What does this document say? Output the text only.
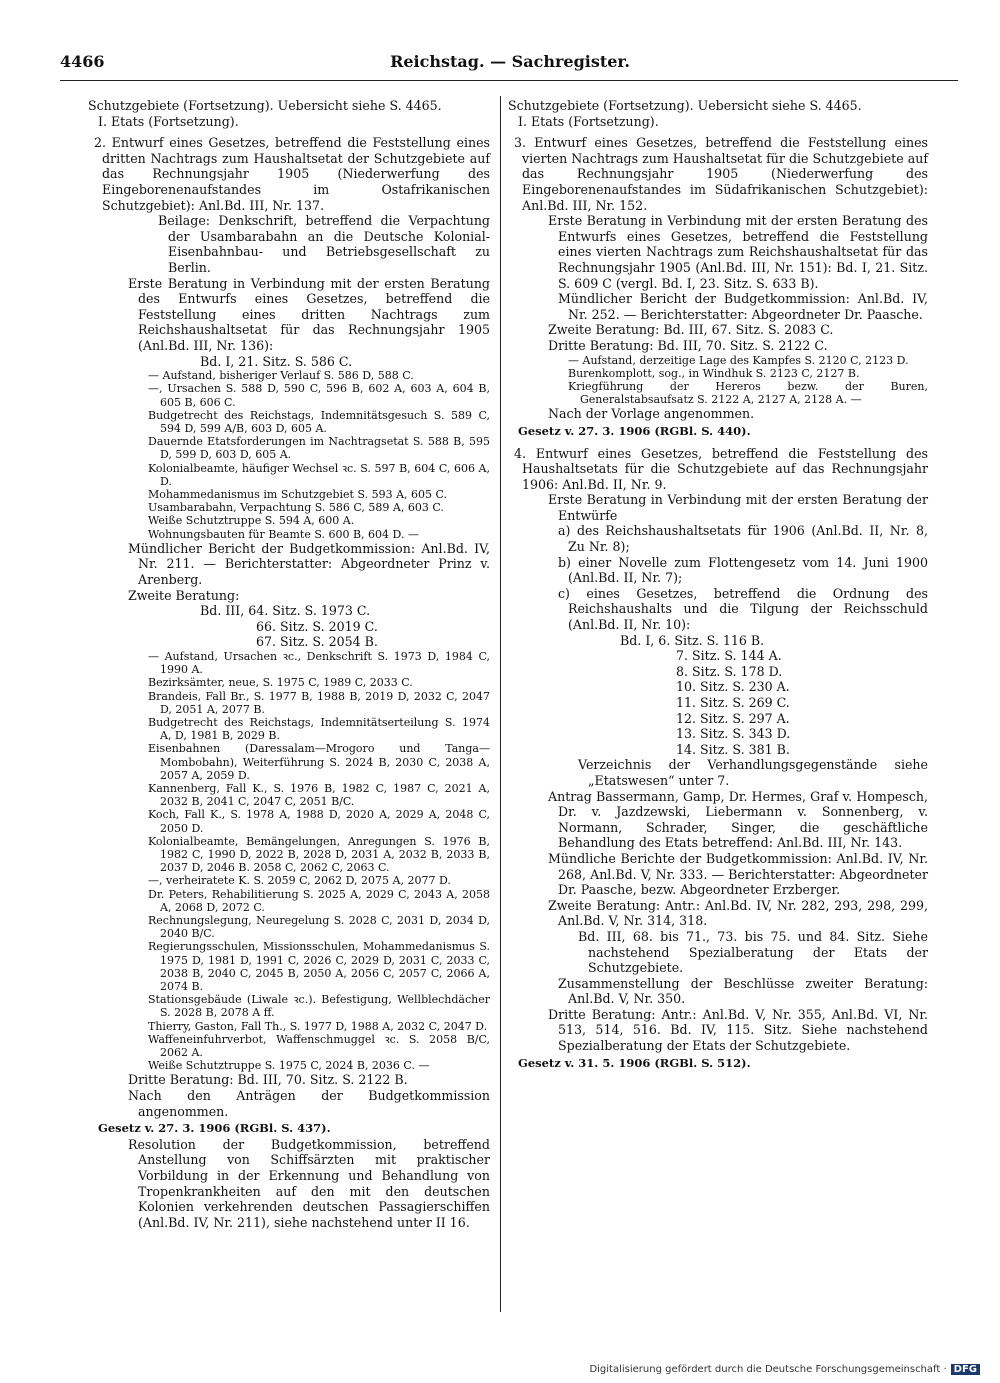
4466	Reichstag. — Sachregister.

Schutzgebiete (Fortsetzung). Uebersicht siehe S. 4465.

I. Etats (Fortsetzung).

2. Entwurf eines Gesetzes, betreffend die Feststellung eines dritten Nachtrags zum Haushaltsetat der Schutzgebiete auf das Rechnungsjahr 1905 (Niederwerfung des Eingeborenenaufstandes im Ostafrikanischen Schutzgebiet): Anl.Bd. III, Nr. 137.

Beilage: Denkschrift, betreffend die Verpachtung der Usambarabahn an die Deutsche Kolonial-Eisenbahnbau- und Betriebsgesellschaft zu Berlin.

Erste Beratung in Verbindung mit der ersten Beratung des Entwurfs eines Gesetzes, betreffend die Feststellung eines dritten Nachtrags zum Reichshaushaltsetat für das Rechnungsjahr 1905 (Anl.Bd. III, Nr. 136):

Bd. I, 21. Sitz. S. 586 C.

— Aufstand, bisheriger Verlauf S. 586 D, 588 C.

—, Ursachen S. 588 D, 590 C, 596 B, 602 A, 603 A, 604 B, 605 B, 606 C.

Budgetrecht des Reichstags, Indemnitätsgesuch S. 589 C, 594 D, 599 A/B, 603 D, 605 A.

Dauernde Etatsforderungen im Nachtragsetat S. 588 B, 595 D, 599 D, 603 D, 605 A.

Kolonialbeamte, häufiger Wechsel ꝛc. S. 597 B, 604 C, 606 A, D.

Mohammedanismus im Schutzgebiet S. 593 A, 605 C.

Usambarabahn, Verpachtung S. 586 C, 589 A, 603 C.

Weiße Schutztruppe S. 594 A, 600 A.

Wohnungsbauten für Beamte S. 600 B, 604 D. —

Mündlicher Bericht der Budgetkommission: Anl.Bd. IV, Nr. 211. — Berichterstatter: Abgeordneter Prinz v. Arenberg.

Zweite Beratung:

Bd. III, 64. Sitz. S. 1973 C.

66. Sitz. S. 2019 C.

67. Sitz. S. 2054 B.

— Aufstand, Ursachen ꝛc., Denkschrift S. 1973 D, 1984 C, 1990 A.

Bezirksämter, neue, S. 1975 C, 1989 C, 2033 C.

Brandeis, Fall Br., S. 1977 B, 1988 B, 2019 D, 2032 C, 2047 D, 2051 A, 2077 B.

Budgetrecht des Reichstags, Indemnitätserteilung S. 1974 A, D, 1981 B, 2029 B.

Eisenbahnen (Daressalam—Mrogoro und Tanga—Mombobahn), Weiterführung S. 2024 B, 2030 C, 2038 A, 2057 A, 2059 D.

Kannenberg, Fall K., S. 1976 B, 1982 C, 1987 C, 2021 A, 2032 B, 2041 C, 2047 C, 2051 B/C.

Koch, Fall K., S. 1978 A, 1988 D, 2020 A, 2029 A, 2048 C, 2050 D.

Kolonialbeamte, Bemängelungen, Anregungen S. 1976 B, 1982 C, 1990 D, 2022 B, 2028 D, 2031 A, 2032 B, 2033 B, 2037 D, 2046 B. 2058 C, 2062 C, 2063 C.

—, verheiratete K. S. 2059 C, 2062 D, 2075 A, 2077 D.

Dr. Peters, Rehabilitierung S. 2025 A, 2029 C, 2043 A, 2058 A, 2068 D, 2072 C.

Rechnungslegung, Neuregelung S. 2028 C, 2031 D, 2034 D, 2040 B/C.

Regierungsschulen, Missionsschulen, Mohammedanismus S. 1975 D, 1981 D, 1991 C, 2026 C, 2029 D, 2031 C, 2033 C, 2038 B, 2040 C, 2045 B, 2050 A, 2056 C, 2057 C, 2066 A, 2074 B.

Stationsgebäude (Liwale ꝛc.). Befestigung, Wellblechdächer S. 2028 B, 2078 A ff.

Thierry, Gaston, Fall Th., S. 1977 D, 1988 A, 2032 C, 2047 D.

Waffeneinfuhrverbot, Waffenschmuggel ꝛc. S. 2058 B/C, 2062 A.

Weiße Schutztruppe S. 1975 C, 2024 B, 2036 C. —

Dritte Beratung: Bd. III, 70. Sitz. S. 2122 B.

Nach den Anträgen der Budgetkommission angenommen.

Gesetz v. 27. 3. 1906 (RGBl. S. 437).

Resolution der Budgetkommission, betreffend Anstellung von Schiffsärzten mit praktischer Vorbildung in der Erkennung und Behandlung von Tropenkrankheiten auf den mit den deutschen Kolonien verkehrenden deutschen Passagierschiffen (Anl.Bd. IV, Nr. 211), siehe nachstehend unter II 16.

Schutzgebiete (Fortsetzung). Uebersicht siehe S. 4465.

I. Etats (Fortsetzung).

3. Entwurf eines Gesetzes, betreffend die Feststellung eines vierten Nachtrags zum Haushaltsetat für die Schutzgebiete auf das Rechnungsjahr 1905 (Niederwerfung des Eingeborenenaufstandes im Südafrikanischen Schutzgebiet): Anl.Bd. III, Nr. 152.

Erste Beratung in Verbindung mit der ersten Beratung des Entwurfs eines Gesetzes, betreffend die Feststellung eines vierten Nachtrags zum Reichshaushaltsetat für das Rechnungsjahr 1905 (Anl.Bd. III, Nr. 151): Bd. I, 21. Sitz. S. 609 C (vergl. Bd. I, 23. Sitz. S. 633 B).

Mündlicher Bericht der Budgetkommission: Anl.Bd. IV, Nr. 252. — Berichterstatter: Abgeordneter Dr. Paasche.

Zweite Beratung: Bd. III, 67. Sitz. S. 2083 C.

Dritte Beratung: Bd. III, 70. Sitz. S. 2122 C.

— Aufstand, derzeitige Lage des Kampfes S. 2120 C, 2123 D.

Burenkomplott, sog., in Windhuk S. 2123 C, 2127 B.

Kriegführung der Hereros bezw. der Buren, Generalstabsaufsatz S. 2122 A, 2127 A, 2128 A. —

Nach der Vorlage angenommen.

Gesetz v. 27. 3. 1906 (RGBl. S. 440).

4. Entwurf eines Gesetzes, betreffend die Feststellung des Haushaltsetats für die Schutzgebiete auf das Rechnungsjahr 1906: Anl.Bd. II, Nr. 9.

Erste Beratung in Verbindung mit der ersten Beratung der Entwürfe

a) des Reichshaushaltsetats für 1906 (Anl.Bd. II, Nr. 8, Zu Nr. 8);

b) einer Novelle zum Flottengesetz vom 14. Juni 1900 (Anl.Bd. II, Nr. 7);

c) eines Gesetzes, betreffend die Ordnung des Reichshaushalts und die Tilgung der Reichsschuld (Anl.Bd. II, Nr. 10):

Bd. I, 6. Sitz. S. 116 B.

7. Sitz. S. 144 A.

8. Sitz. S. 178 D.

10. Sitz. S. 230 A.

11. Sitz. S. 269 C.

12. Sitz. S. 297 A.

13. Sitz. S. 343 D.

14. Sitz. S. 381 B.

Verzeichnis der Verhandlungsgegenstände siehe „Etatswesen“ unter 7.

Antrag Bassermann, Gamp, Dr. Hermes, Graf v. Hompesch, Dr. v. Jazdzewski, Liebermann v. Sonnenberg, v. Normann, Schrader, Singer, die geschäftliche Behandlung des Etats betreffend: Anl.Bd. III, Nr. 143.

Mündliche Berichte der Budgetkommission: Anl.Bd. IV, Nr. 268, Anl.Bd. V, Nr. 333. — Berichterstatter: Abgeordneter Dr. Paasche, bezw. Abgeordneter Erzberger.

Zweite Beratung: Antr.: Anl.Bd. IV, Nr. 282, 293, 298, 299, Anl.Bd. V, Nr. 314, 318.

Bd. III, 68. bis 71., 73. bis 75. und 84. Sitz. Siehe nachstehend Spezialberatung der Etats der Schutzgebiete.

Zusammenstellung der Beschlüsse zweiter Beratung: Anl.Bd. V, Nr. 350.

Dritte Beratung: Antr.: Anl.Bd. V, Nr. 355, Anl.Bd. VI, Nr. 513, 514, 516. Bd. IV, 115. Sitz. Siehe nachstehend Spezialberatung der Etats der Schutzgebiete.

Gesetz v. 31. 5. 1906 (RGBl. S. 512).

Digitalisierung gefördert durch die Deutsche Forschungsgemeinschaft · DFG
